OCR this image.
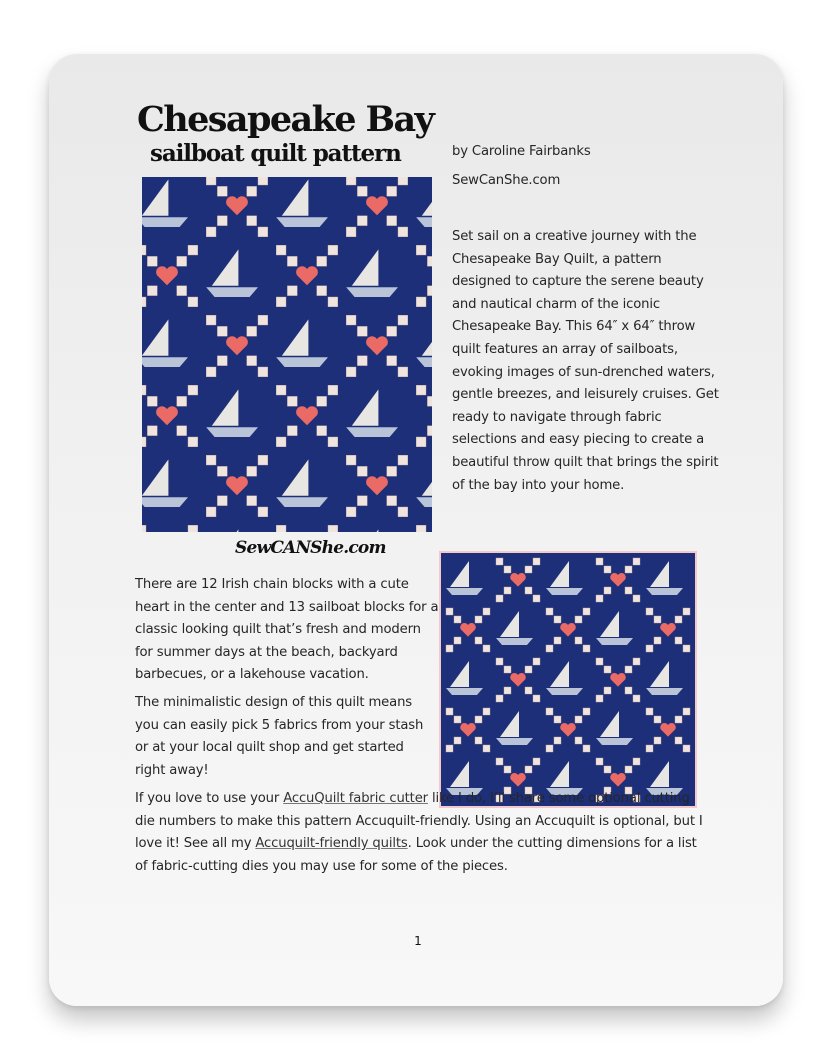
Chesapeake Bay
sailboat quilt pattern	by Caroline Fairbanks
SewCanShe.com
SewCANShe.com
Set sail on a creative journey with the Chesapeake Bay Quilt, a pattern designed to capture the serene beauty and nautical charm of the iconic Chesapeake Bay. This 64″ x 64″ throw quilt features an array of sailboats, evoking images of sun-drenched waters, gentle breezes, and leisurely cruises. Get ready to navigate through fabric selections and easy piecing to create a beautiful throw quilt that brings the spirit of the bay into your home.
There are 12 Irish chain blocks with a cute heart in the center and 13 sailboat blocks for a classic looking quilt that’s fresh and modern for summer days at the beach, backyard barbecues, or a lakehouse vacation.
The minimalistic design of this quilt means you can easily pick 5 fabrics from your stash or at your local quilt shop and get started right away!
If you love to use your AccuQuilt fabric cutter like I do, I’ll share some optional cutting die numbers to make this pattern Accuquilt-friendly. Using an Accuquilt is optional, but I love it! See all my Accuquilt-friendly quilts. Look under the cutting dimensions for a list of fabric-cutting dies you may use for some of the pieces.
1
